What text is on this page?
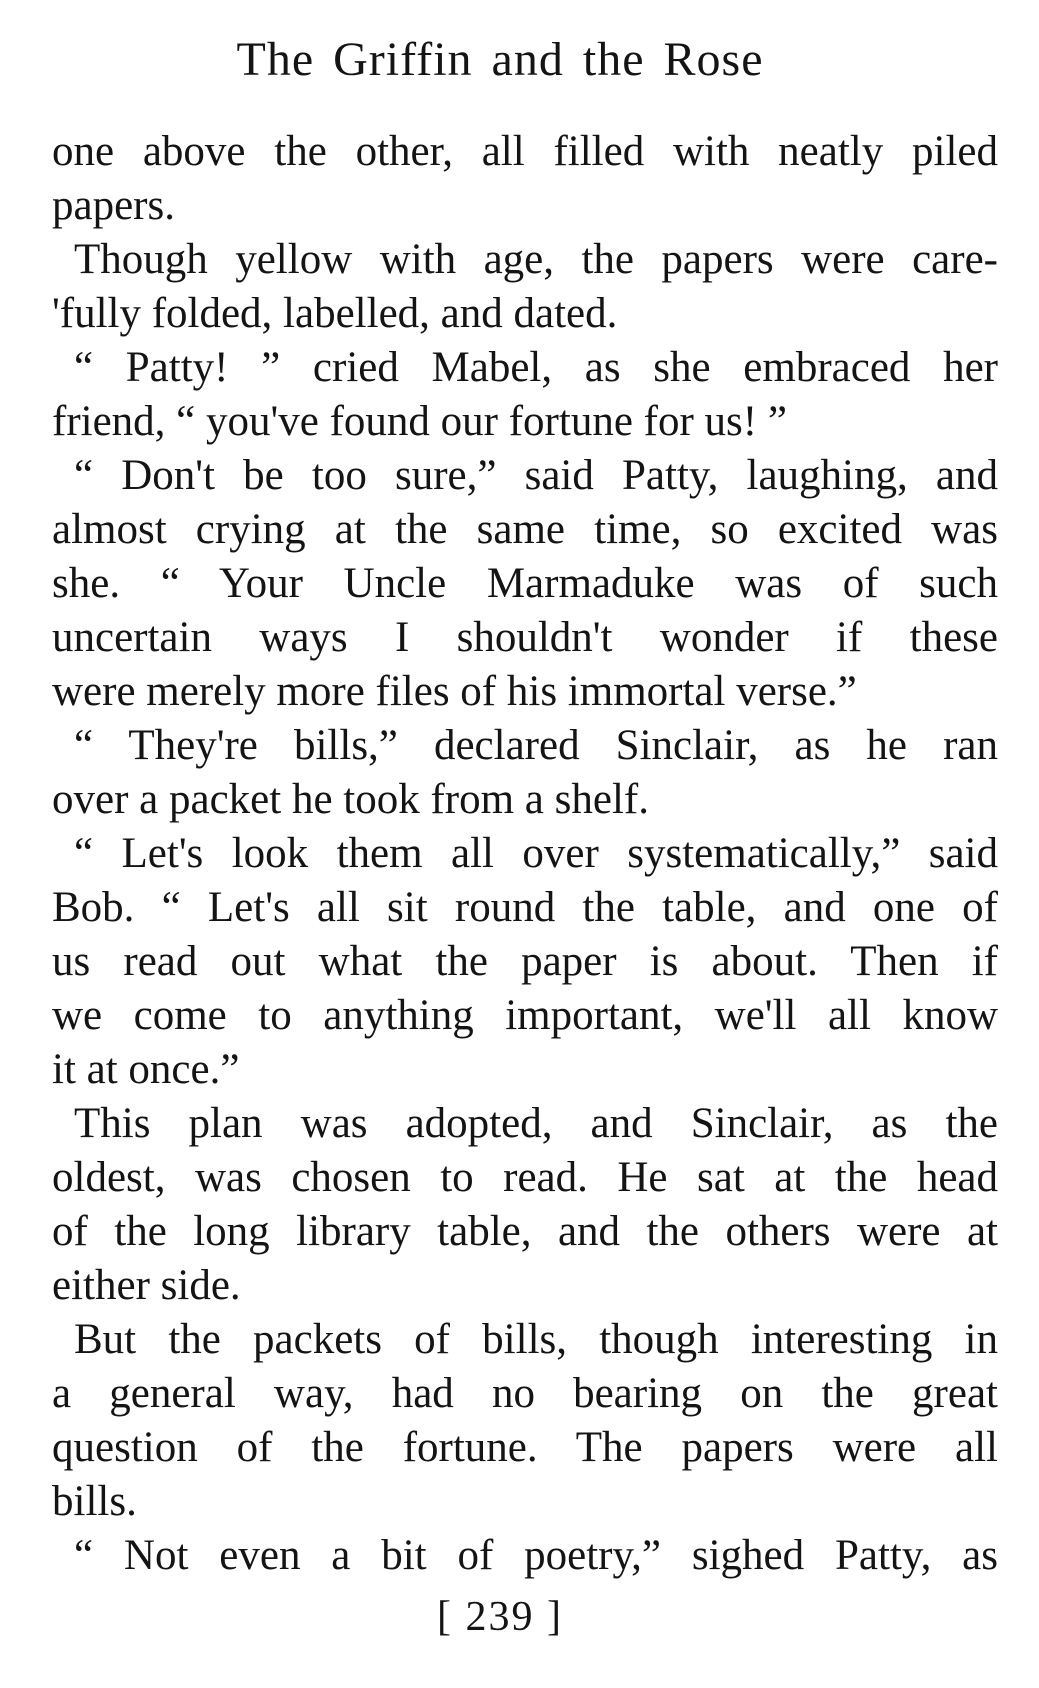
The Griffin and the Rose
one above the other, all filled with neatly piled
papers.
Though yellow with age, the papers were care-
'fully folded, labelled, and dated.
“ Patty! ” cried Mabel, as she embraced her
friend, “ you've found our fortune for us! ”
“ Don't be too sure,” said Patty, laughing, and
almost crying at the same time, so excited was
she. “ Your Uncle Marmaduke was of such
uncertain ways I shouldn't wonder if these
were merely more files of his immortal verse.”
“ They're bills,” declared Sinclair, as he ran
over a packet he took from a shelf.
“ Let's look them all over systematically,” said
Bob. “ Let's all sit round the table, and one of
us read out what the paper is about. Then if
we come to anything important, we'll all know
it at once.”
This plan was adopted, and Sinclair, as the
oldest, was chosen to read. He sat at the head
of the long library table, and the others were at
either side.
But the packets of bills, though interesting in
a general way, had no bearing on the great
question of the fortune. The papers were all
bills.
“ Not even a bit of poetry,” sighed Patty, as
[ 239 ]
